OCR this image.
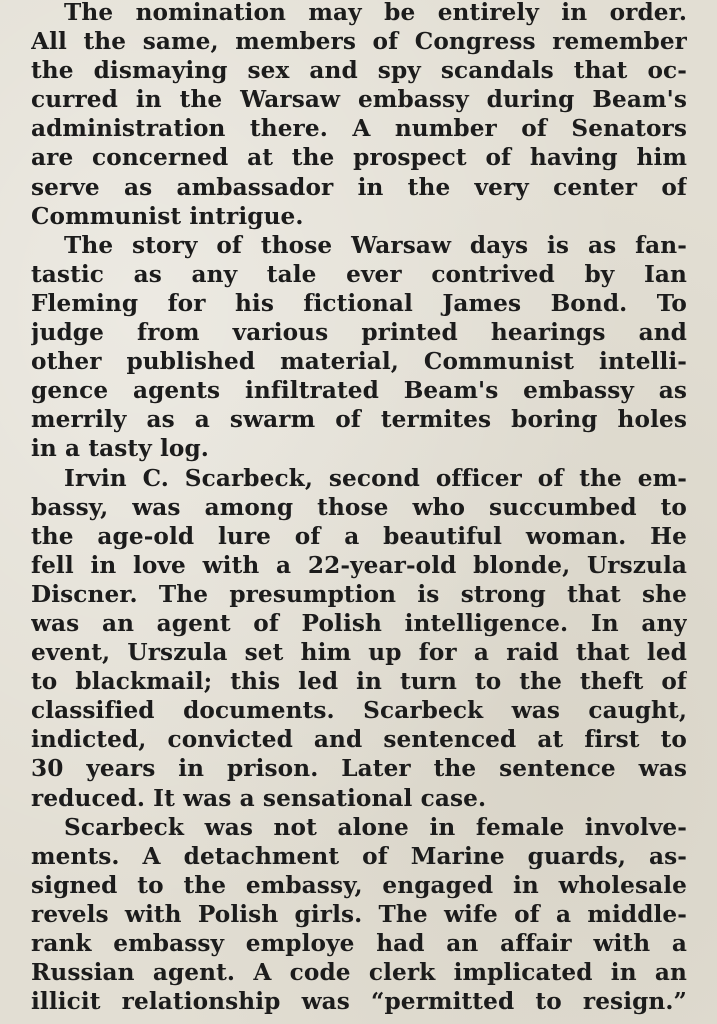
The nomination may be entirely in order.
All the same, members of Congress remember
the dismaying sex and spy scandals that oc-
curred in the Warsaw embassy during Beam's
administration there. A number of Senators
are concerned at the prospect of having him
serve as ambassador in the very center of
Communist intrigue.
The story of those Warsaw days is as fan-
tastic as any tale ever contrived by Ian
Fleming for his fictional James Bond. To
judge from various printed hearings and
other published material, Communist intelli-
gence agents infiltrated Beam's embassy as
merrily as a swarm of termites boring holes
in a tasty log.
Irvin C. Scarbeck, second officer of the em-
bassy, was among those who succumbed to
the age-old lure of a beautiful woman. He
fell in love with a 22-year-old blonde, Urszula
Discner. The presumption is strong that she
was an agent of Polish intelligence. In any
event, Urszula set him up for a raid that led
to blackmail; this led in turn to the theft of
classified documents. Scarbeck was caught,
indicted, convicted and sentenced at first to
30 years in prison. Later the sentence was
reduced. It was a sensational case.
Scarbeck was not alone in female involve-
ments. A detachment of Marine guards, as-
signed to the embassy, engaged in wholesale
revels with Polish girls. The wife of a middle-
rank embassy employe had an affair with a
Russian agent. A code clerk implicated in an
illicit relationship was “permitted to resign.”
